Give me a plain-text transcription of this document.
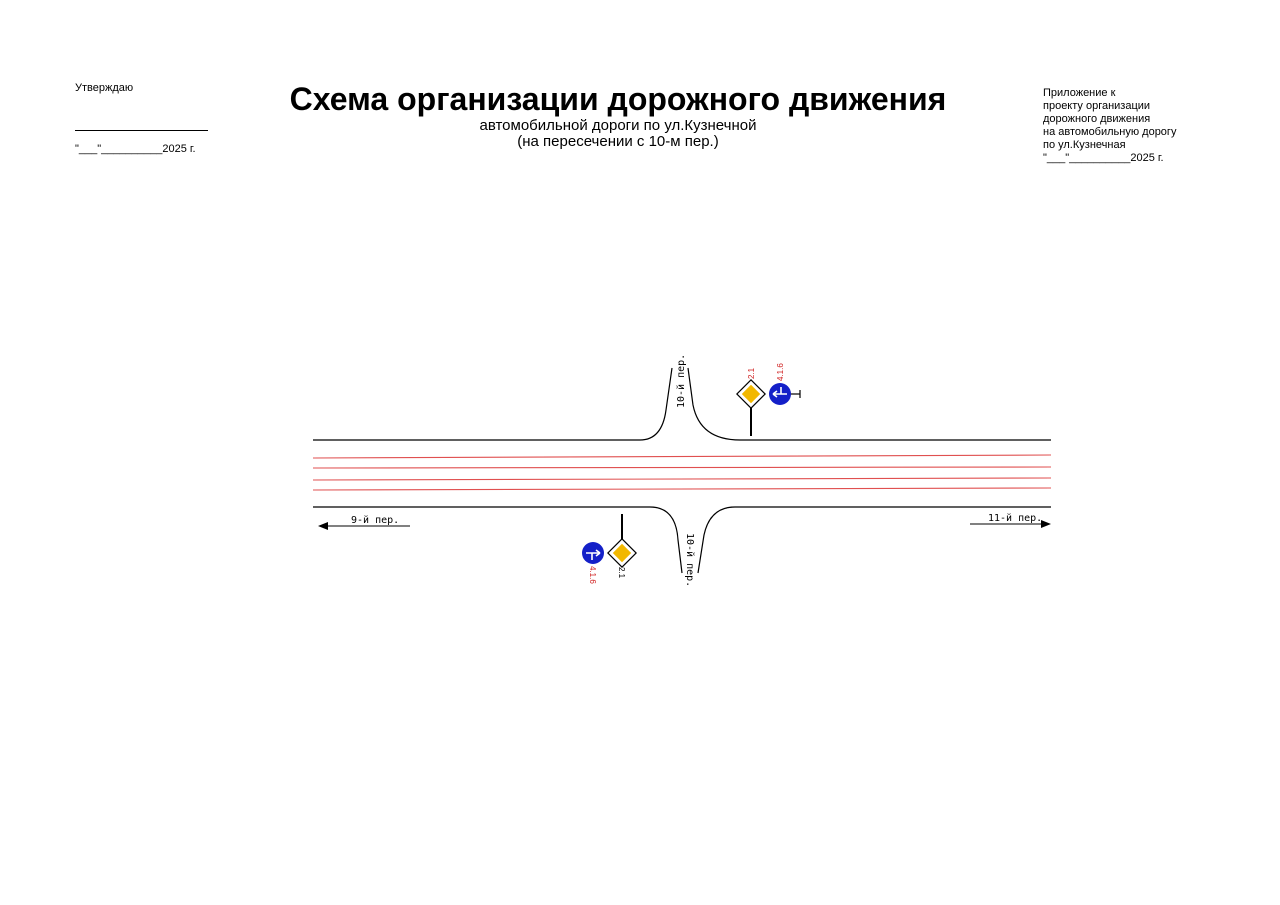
Утверждаю
"___"__________2025 г.
Схема организации дорожного движения
автомобильной дороги по ул.Кузнечной
(на пересечении с 10-м пер.)
Приложение к
проекту организации
дорожного движения
на автомобильную дорогу
по ул.Кузнечная
"___"__________2025 г.
9-й пер.	11-й пер.
10-й пер.
10-й пер.
2.1	4.1.6
2.1
4.1.6
